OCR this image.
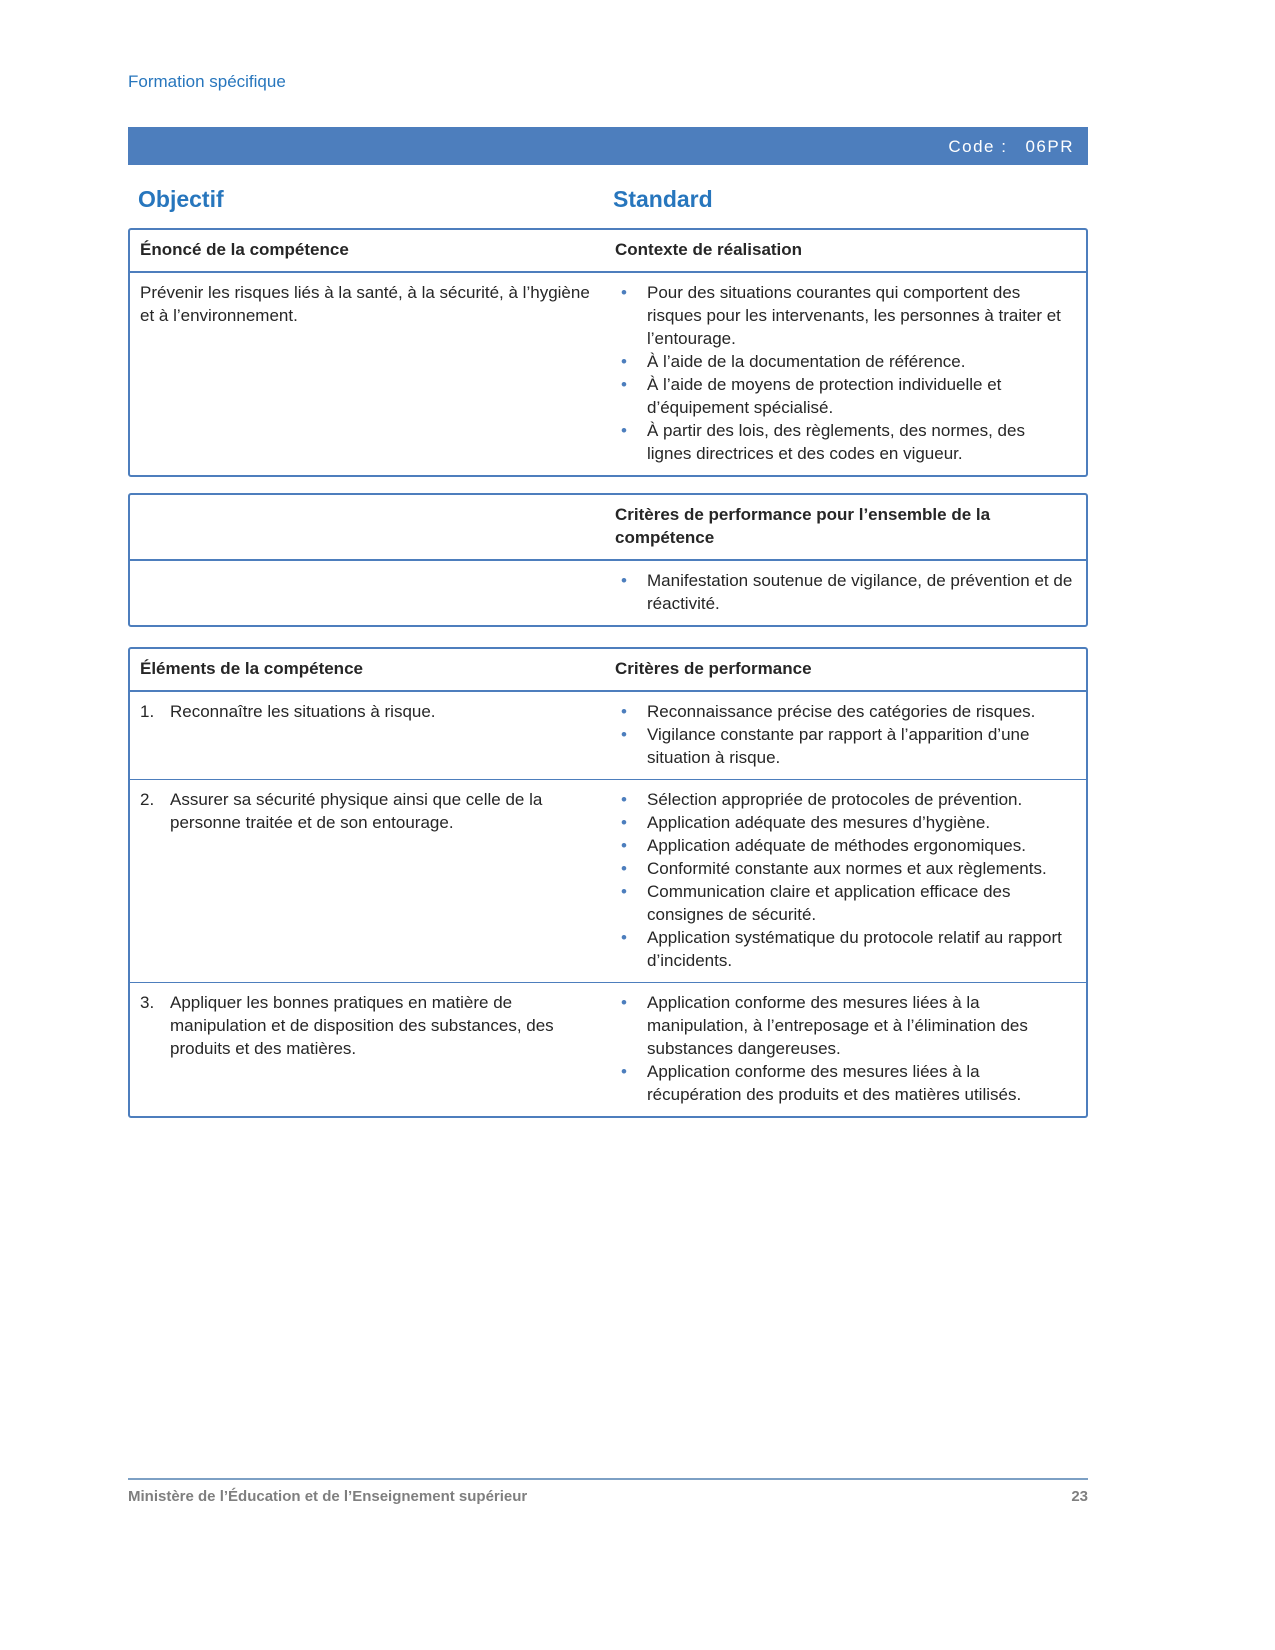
Formation spécifique
Code : 06PR
Objectif	Standard
Énoncé de la compétence	Contexte de réalisation
Prévenir les risques liés à la santé, à la sécurité, à l’hygiène et à l’environnement.
• Pour des situations courantes qui comportent des risques pour les intervenants, les personnes à traiter et l’entourage.
• À l’aide de la documentation de référence.
• À l’aide de moyens de protection individuelle et d’équipement spécialisé.
• À partir des lois, des règlements, des normes, des lignes directrices et des codes en vigueur.
Critères de performance pour l’ensemble de la compétence
• Manifestation soutenue de vigilance, de prévention et de réactivité.
Éléments de la compétence	Critères de performance
1. Reconnaître les situations à risque.	• Reconnaissance précise des catégories de risques.
• Vigilance constante par rapport à l’apparition d’une situation à risque.
2. Assurer sa sécurité physique ainsi que celle de la personne traitée et de son entourage.
• Sélection appropriée de protocoles de prévention.
• Application adéquate des mesures d’hygiène.
• Application adéquate de méthodes ergonomiques.
• Conformité constante aux normes et aux règlements.
• Communication claire et application efficace des consignes de sécurité.
• Application systématique du protocole relatif au rapport d’incidents.
3. Appliquer les bonnes pratiques en matière de manipulation et de disposition des substances, des produits et des matières.
• Application conforme des mesures liées à la manipulation, à l’entreposage et à l’élimination des substances dangereuses.
• Application conforme des mesures liées à la récupération des produits et des matières utilisés.
Ministère de l’Éducation et de l’Enseignement supérieur	23
